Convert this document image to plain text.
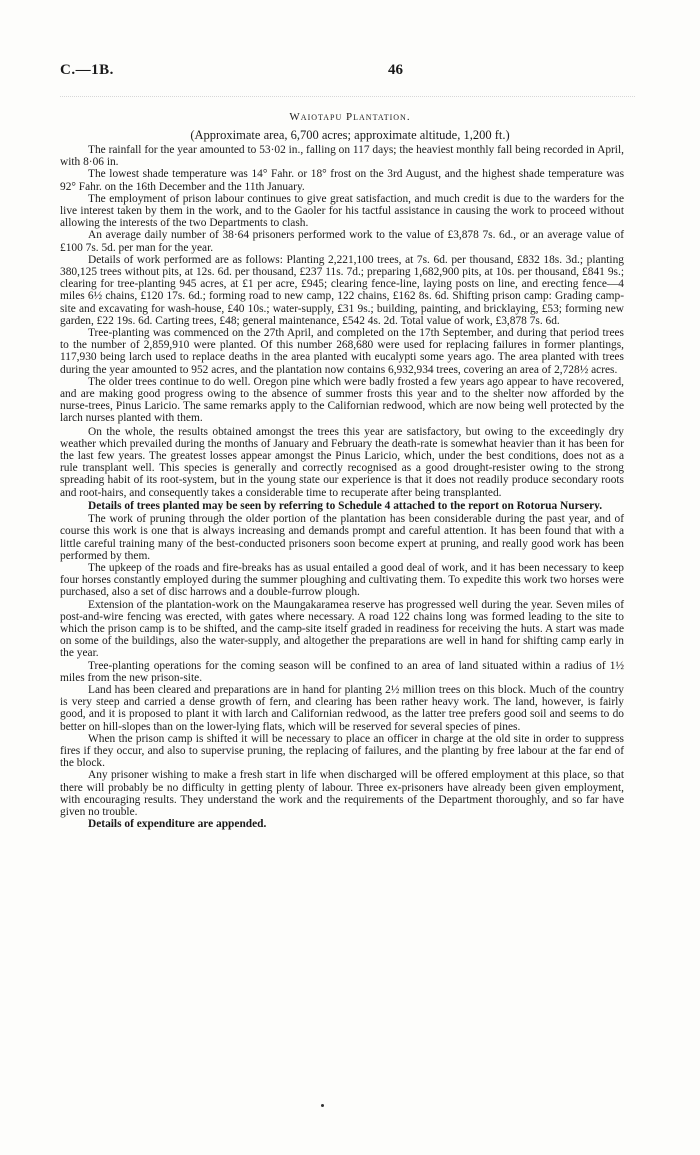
C.—1B.	46
Waiotapu Plantation.
(Approximate area, 6,700 acres; approximate altitude, 1,200 ft.)

The rainfall for the year amounted to 53·02 in., falling on 117 days; the heaviest monthly fall being recorded in April, with 8·06 in.

The lowest shade temperature was 14° Fahr. or 18° frost on the 3rd August, and the highest shade temperature was 92° Fahr. on the 16th December and the 11th January.

The employment of prison labour continues to give great satisfaction, and much credit is due to the warders for the live interest taken by them in the work, and to the Gaoler for his tactful assistance in causing the work to proceed without allowing the interests of the two Departments to clash.

An average daily number of 38·64 prisoners performed work to the value of £3,878 7s. 6d., or an average value of £100 7s. 5d. per man for the year.

Details of work performed are as follows: Planting 2,221,100 trees, at 7s. 6d. per thousand, £832 18s. 3d.; planting 380,125 trees without pits, at 12s. 6d. per thousand, £237 11s. 7d.; preparing 1,682,900 pits, at 10s. per thousand, £841 9s.; clearing for tree-planting 945 acres, at £1 per acre, £945; clearing fence-line, laying posts on line, and erecting fence—4 miles 6½ chains, £120 17s. 6d.; forming road to new camp, 122 chains, £162 8s. 6d. Shifting prison camp: Grading camp-site and excavating for wash-house, £40 10s.; water-supply, £31 9s.; building, painting, and bricklaying, £53; forming new garden, £22 19s. 6d. Carting trees, £48; general maintenance, £542 4s. 2d. Total value of work, £3,878 7s. 6d.

Tree-planting was commenced on the 27th April, and completed on the 17th September, and during that period trees to the number of 2,859,910 were planted. Of this number 268,680 were used for replacing failures in former plantings, 117,930 being larch used to replace deaths in the area planted with eucalypti some years ago. The area planted with trees during the year amounted to 952 acres, and the plantation now contains 6,932,934 trees, covering an area of 2,728½ acres.

The older trees continue to do well. Oregon pine which were badly frosted a few years ago appear to have recovered, and are making good progress owing to the absence of summer frosts this year and to the shelter now afforded by the nurse-trees, Pinus Laricio. The same remarks apply to the Californian redwood, which are now being well protected by the larch nurses planted with them.

On the whole, the results obtained amongst the trees this year are satisfactory, but owing to the exceedingly dry weather which prevailed during the months of January and February the death-rate is somewhat heavier than it has been for the last few years. The greatest losses appear amongst the Pinus Laricio, which, under the best conditions, does not as a rule transplant well. This species is generally and correctly recognised as a good drought-resister owing to the strong spreading habit of its root-system, but in the young state our experience is that it does not readily produce secondary roots and root-hairs, and consequently takes a considerable time to recuperate after being transplanted.

Details of trees planted may be seen by referring to Schedule 4 attached to the report on Rotorua Nursery.

The work of pruning through the older portion of the plantation has been considerable during the past year, and of course this work is one that is always increasing and demands prompt and careful attention. It has been found that with a little careful training many of the best-conducted prisoners soon become expert at pruning, and really good work has been performed by them.

The upkeep of the roads and fire-breaks has as usual entailed a good deal of work, and it has been necessary to keep four horses constantly employed during the summer ploughing and cultivating them. To expedite this work two horses were purchased, also a set of disc harrows and a double-furrow plough.

Extension of the plantation-work on the Maungakaramea reserve has progressed well during the year. Seven miles of post-and-wire fencing was erected, with gates where necessary. A road 122 chains long was formed leading to the site to which the prison camp is to be shifted, and the camp-site itself graded in readiness for receiving the huts. A start was made on some of the buildings, also the water-supply, and altogether the preparations are well in hand for shifting camp early in the year.

Tree-planting operations for the coming season will be confined to an area of land situated within a radius of 1½ miles from the new prison-site.

Land has been cleared and preparations are in hand for planting 2½ million trees on this block. Much of the country is very steep and carried a dense growth of fern, and clearing has been rather heavy work. The land, however, is fairly good, and it is proposed to plant it with larch and Californian redwood, as the latter tree prefers good soil and seems to do better on hill-slopes than on the lower-lying flats, which will be reserved for several species of pines.

When the prison camp is shifted it will be necessary to place an officer in charge at the old site in order to suppress fires if they occur, and also to supervise pruning, the replacing of failures, and the planting by free labour at the far end of the block.

Any prisoner wishing to make a fresh start in life when discharged will be offered employment at this place, so that there will probably be no difficulty in getting plenty of labour. Three ex-prisoners have already been given employment, with encouraging results. They understand the work and the requirements of the Department thoroughly, and so far have given no trouble.

Details of expenditure are appended.
